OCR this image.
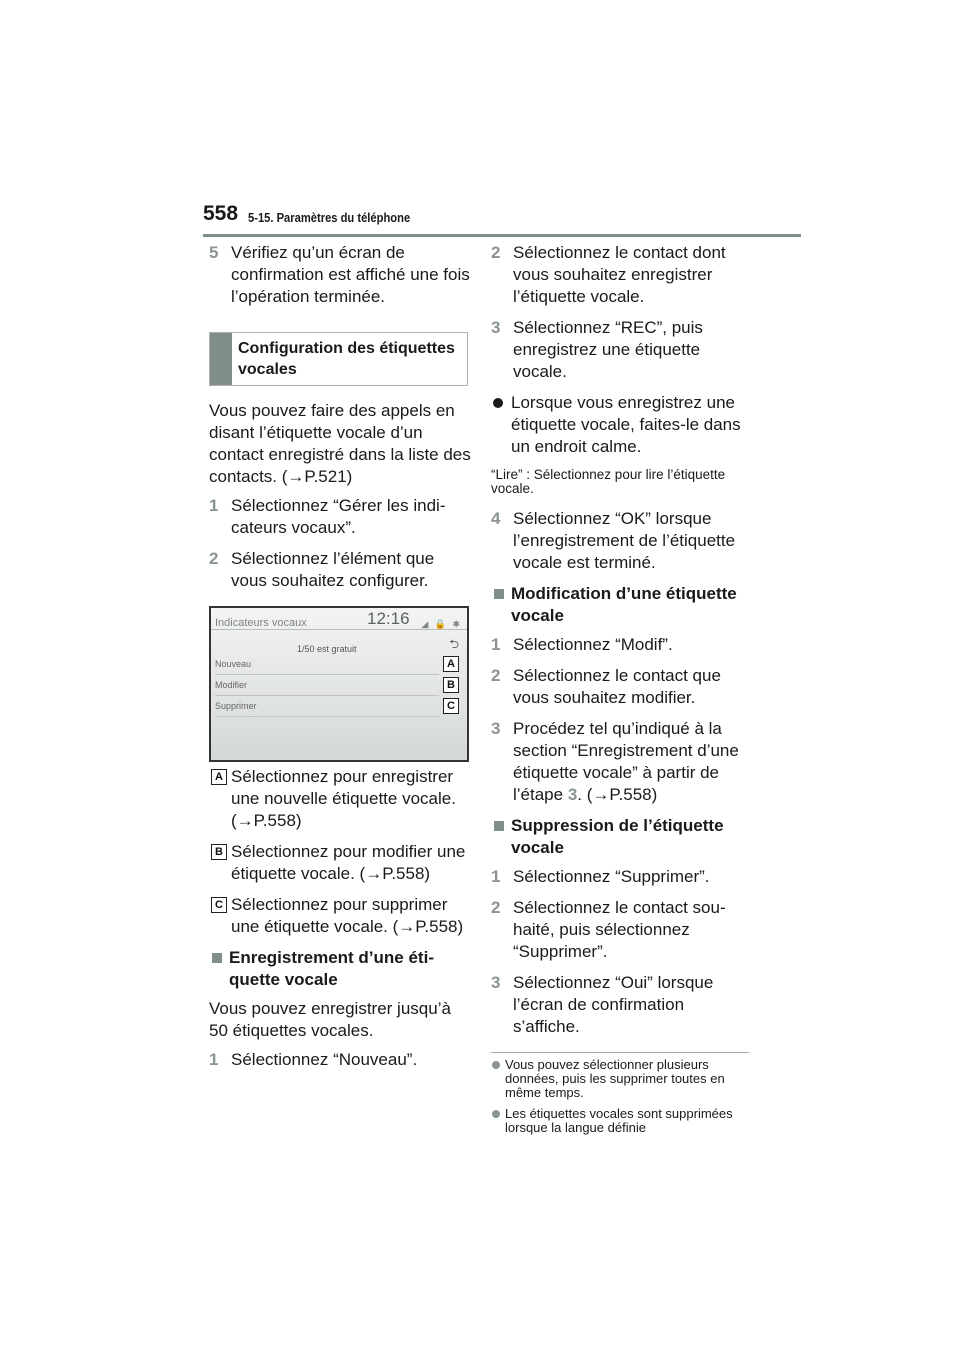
558 5-15. Paramètres du téléphone
5 Vérifiez qu’un écran de confirmation est affiché une fois l’opération terminée.
Configuration des étiquettes vocales

Vous pouvez faire des appels en disant l’étiquette vocale d’un contact enregistré dans la liste des contacts. (→P.521)

1 Sélectionnez “Gérer les indicateurs vocaux”.
2 Sélectionnez l’élément que vous souhaitez configurer.
Indicateurs vocaux	12:16 ◢ 🔒 ✱
1/50 est gratuit	⮌
Nouveau	A
Modifier	B
Supprimer	C
A Sélectionnez pour enregistrer une nouvelle étiquette vocale. (→P.558)
B Sélectionnez pour modifier une étiquette vocale. (→P.558)
C Sélectionnez pour supprimer une étiquette vocale. (→P.558)
Enregistrement d’une étiquette vocale

Vous pouvez enregistrer jusqu’à 50 étiquettes vocales.

1 Sélectionnez “Nouveau”.
2 Sélectionnez le contact dont vous souhaitez enregistrer l’étiquette vocale.
3 Sélectionnez “REC”, puis enregistrez une étiquette vocale.
Lorsque vous enregistrez une étiquette vocale, faites-le dans un endroit calme.

“Lire” : Sélectionnez pour lire l’étiquette vocale.

4 Sélectionnez “OK” lorsque l’enregistrement de l’étiquette vocale est terminé.
Modification d’une étiquette vocale
1 Sélectionnez “Modif”.
2 Sélectionnez le contact que vous souhaitez modifier.
3 Procédez tel qu’indiqué à la section “Enregistrement d’une étiquette vocale” à partir de l’étape 3. (→P.558)
Suppression de l’étiquette vocale
1 Sélectionnez “Supprimer”.
2 Sélectionnez le contact souhaité, puis sélectionnez “Supprimer”.
3 Sélectionnez “Oui” lorsque l’écran de confirmation s’affiche.
Vous pouvez sélectionner plusieurs données, puis les supprimer toutes en même temps.
Les étiquettes vocales sont supprimées lorsque la langue définie
